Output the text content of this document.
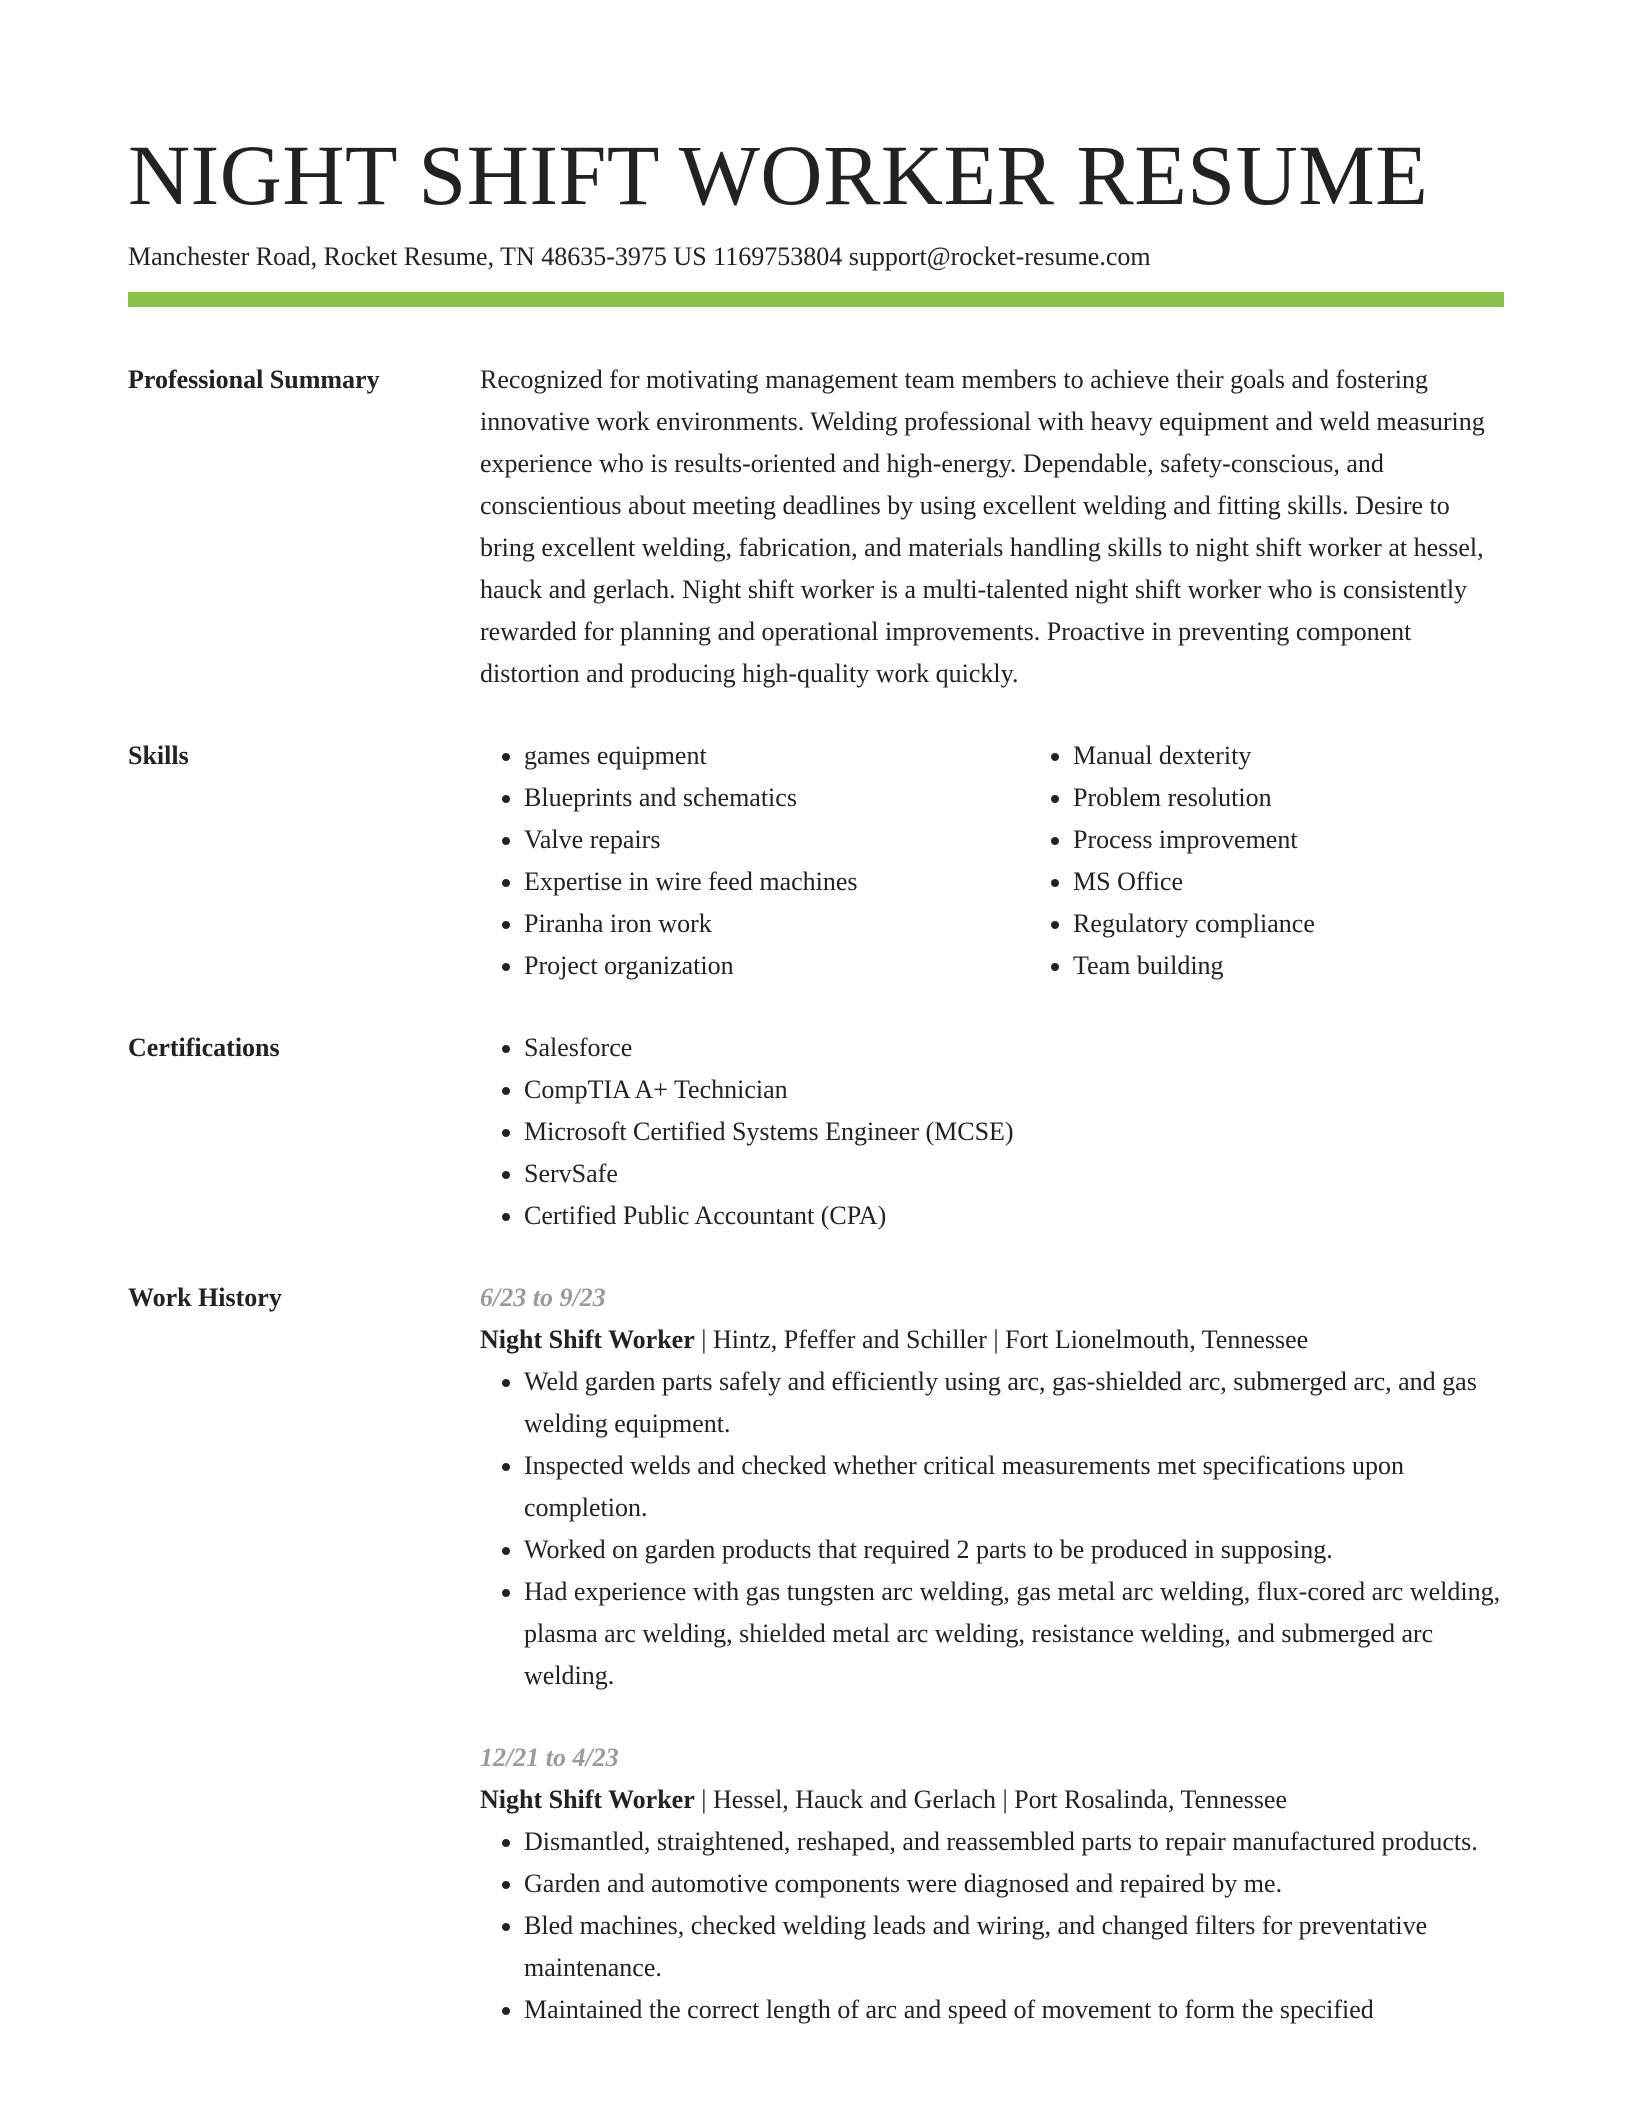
NIGHT SHIFT WORKER RESUME
Manchester Road, Rocket Resume, TN 48635-3975 US 1169753804 support@rocket-resume.com
Professional Summary	Recognized for motivating management team members to achieve their goals and fostering innovative work environments. Welding professional with heavy equipment and weld measuring experience who is results-oriented and high-energy. Dependable, safety-conscious, and conscientious about meeting deadlines by using excellent welding and fitting skills. Desire to bring excellent welding, fabrication, and materials handling skills to night shift worker at hessel, hauck and gerlach. Night shift worker is a multi-talented night shift worker who is consistently rewarded for planning and operational improvements. Proactive in preventing component distortion and producing high-quality work quickly.

Skills	• games equipment
• Blueprints and schematics
• Valve repairs
• Expertise in wire feed machines
• Piranha iron work
• Project organization
• Manual dexterity
• Problem resolution
• Process improvement
• MS Office
• Regulatory compliance
• Team building
Certifications	• Salesforce
• CompTIA A+ Technician
• Microsoft Certified Systems Engineer (MCSE)
• ServSafe
• Certified Public Accountant (CPA)
Work History	6/23 to 9/23
Night Shift Worker | Hintz, Pfeffer and Schiller | Fort Lionelmouth, Tennessee
• Weld garden parts safely and efficiently using arc, gas-shielded arc, submerged arc, and gas welding equipment.
• Inspected welds and checked whether critical measurements met specifications upon completion.
• Worked on garden products that required 2 parts to be produced in supposing.
• Had experience with gas tungsten arc welding, gas metal arc welding, flux-cored arc welding, plasma arc welding, shielded metal arc welding, resistance welding, and submerged arc welding.
12/21 to 4/23
Night Shift Worker | Hessel, Hauck and Gerlach | Port Rosalinda, Tennessee
• Dismantled, straightened, reshaped, and reassembled parts to repair manufactured products.
• Garden and automotive components were diagnosed and repaired by me.
• Bled machines, checked welding leads and wiring, and changed filters for preventative maintenance.
• Maintained the correct length of arc and speed of movement to form the specified
